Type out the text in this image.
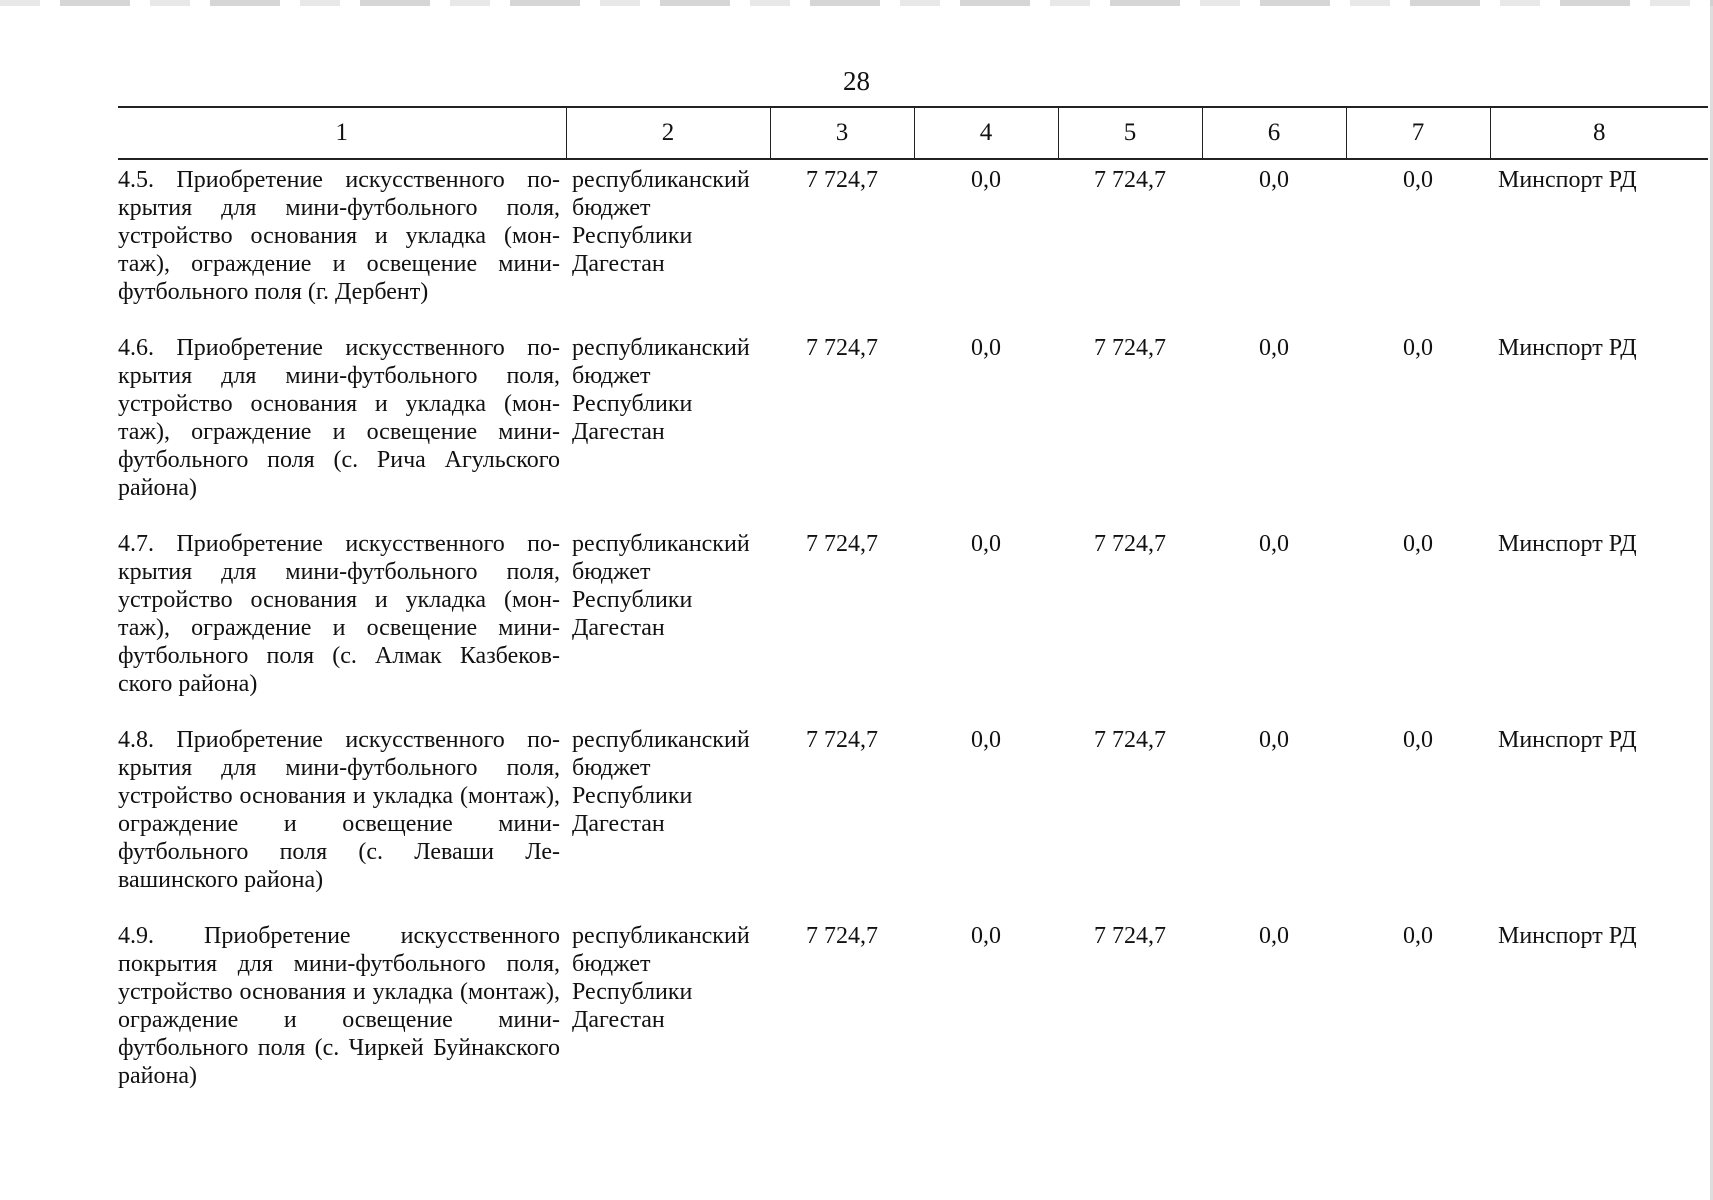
28
1	2	3	4	5	6	7	8
4.5. Приобретение искусственного по-крытия для мини-футбольного поля, устройство основания и укладка (мон-таж), ограждение и освещение мини-футбольного поля (г. Дербент)	республиканский бюджет Республики Дагестан	7 724,7	0,0	7 724,7	0,0	0,0	Минспорт РД
4.6. Приобретение искусственного по-крытия для мини-футбольного поля, устройство основания и укладка (мон-таж), ограждение и освещение мини-футбольного поля (с. Рича Агульского района)	республиканский бюджет Республики Дагестан	7 724,7	0,0	7 724,7	0,0	0,0	Минспорт РД
4.7. Приобретение искусственного по-крытия для мини-футбольного поля, устройство основания и укладка (мон-таж), ограждение и освещение мини-футбольного поля (с. Алмак Казбеков-ского района)	республиканский бюджет Республики Дагестан	7 724,7	0,0	7 724,7	0,0	0,0	Минспорт РД
4.8. Приобретение искусственного по-крытия для мини-футбольного поля, устройство основания и укладка (монтаж), ограждение и освещение мини-футбольного поля (с. Леваши Ле-вашинского района)	республиканский бюджет Республики Дагестан	7 724,7	0,0	7 724,7	0,0	0,0	Минспорт РД
4.9. Приобретение искусственного покрытия для мини-футбольного поля, устройство основания и укладка (монтаж), ограждение и освещение мини-футбольного поля (с. Чиркей Буйнакского района)	республиканский бюджет Республики Дагестан	7 724,7	0,0	7 724,7	0,0	0,0	Минспорт РД
